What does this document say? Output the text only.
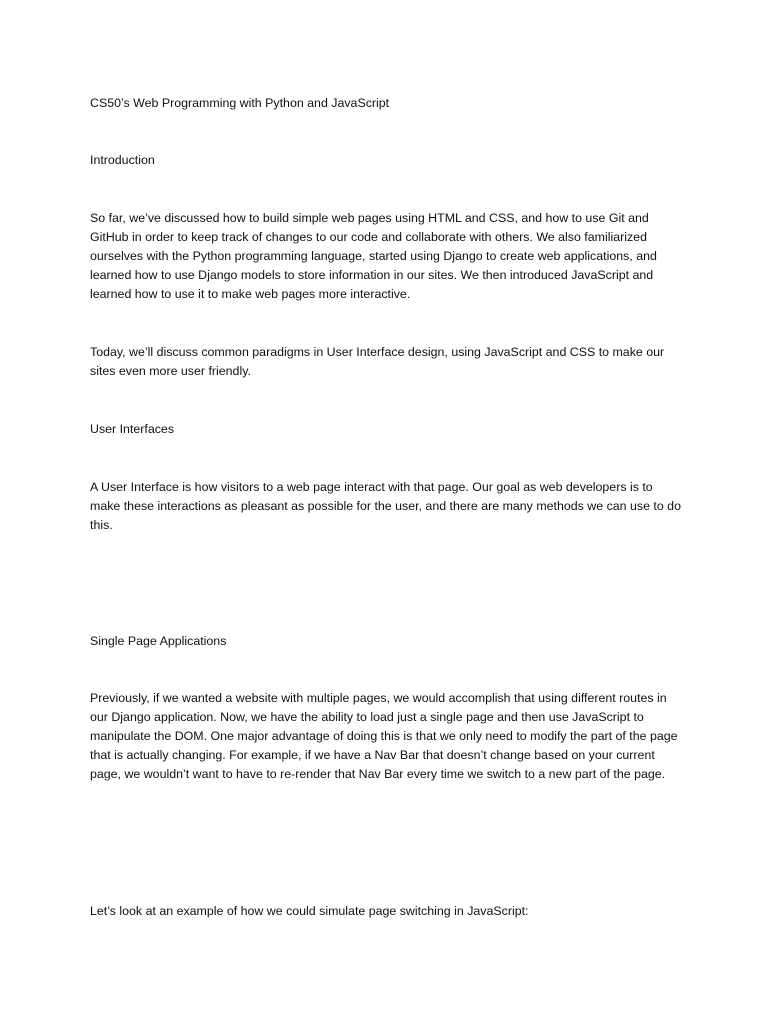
CS50’s Web Programming with Python and JavaScript

Introduction

So far, we’ve discussed how to build simple web pages using HTML and CSS, and how to use Git and GitHub in order to keep track of changes to our code and collaborate with others. We also familiarized ourselves with the Python programming language, started using Django to create web applications, and learned how to use Django models to store information in our sites. We then introduced JavaScript and learned how to use it to make web pages more interactive.

Today, we’ll discuss common paradigms in User Interface design, using JavaScript and CSS to make our sites even more user friendly.

User Interfaces

A User Interface is how visitors to a web page interact with that page. Our goal as web developers is to make these interactions as pleasant as possible for the user, and there are many methods we can use to do this.

Single Page Applications

Previously, if we wanted a website with multiple pages, we would accomplish that using different routes in our Django application. Now, we have the ability to load just a single page and then use JavaScript to manipulate the DOM. One major advantage of doing this is that we only need to modify the part of the page that is actually changing. For example, if we have a Nav Bar that doesn’t change based on your current page, we wouldn’t want to have to re-render that Nav Bar every time we switch to a new part of the page.

Let’s look at an example of how we could simulate page switching in JavaScript:
